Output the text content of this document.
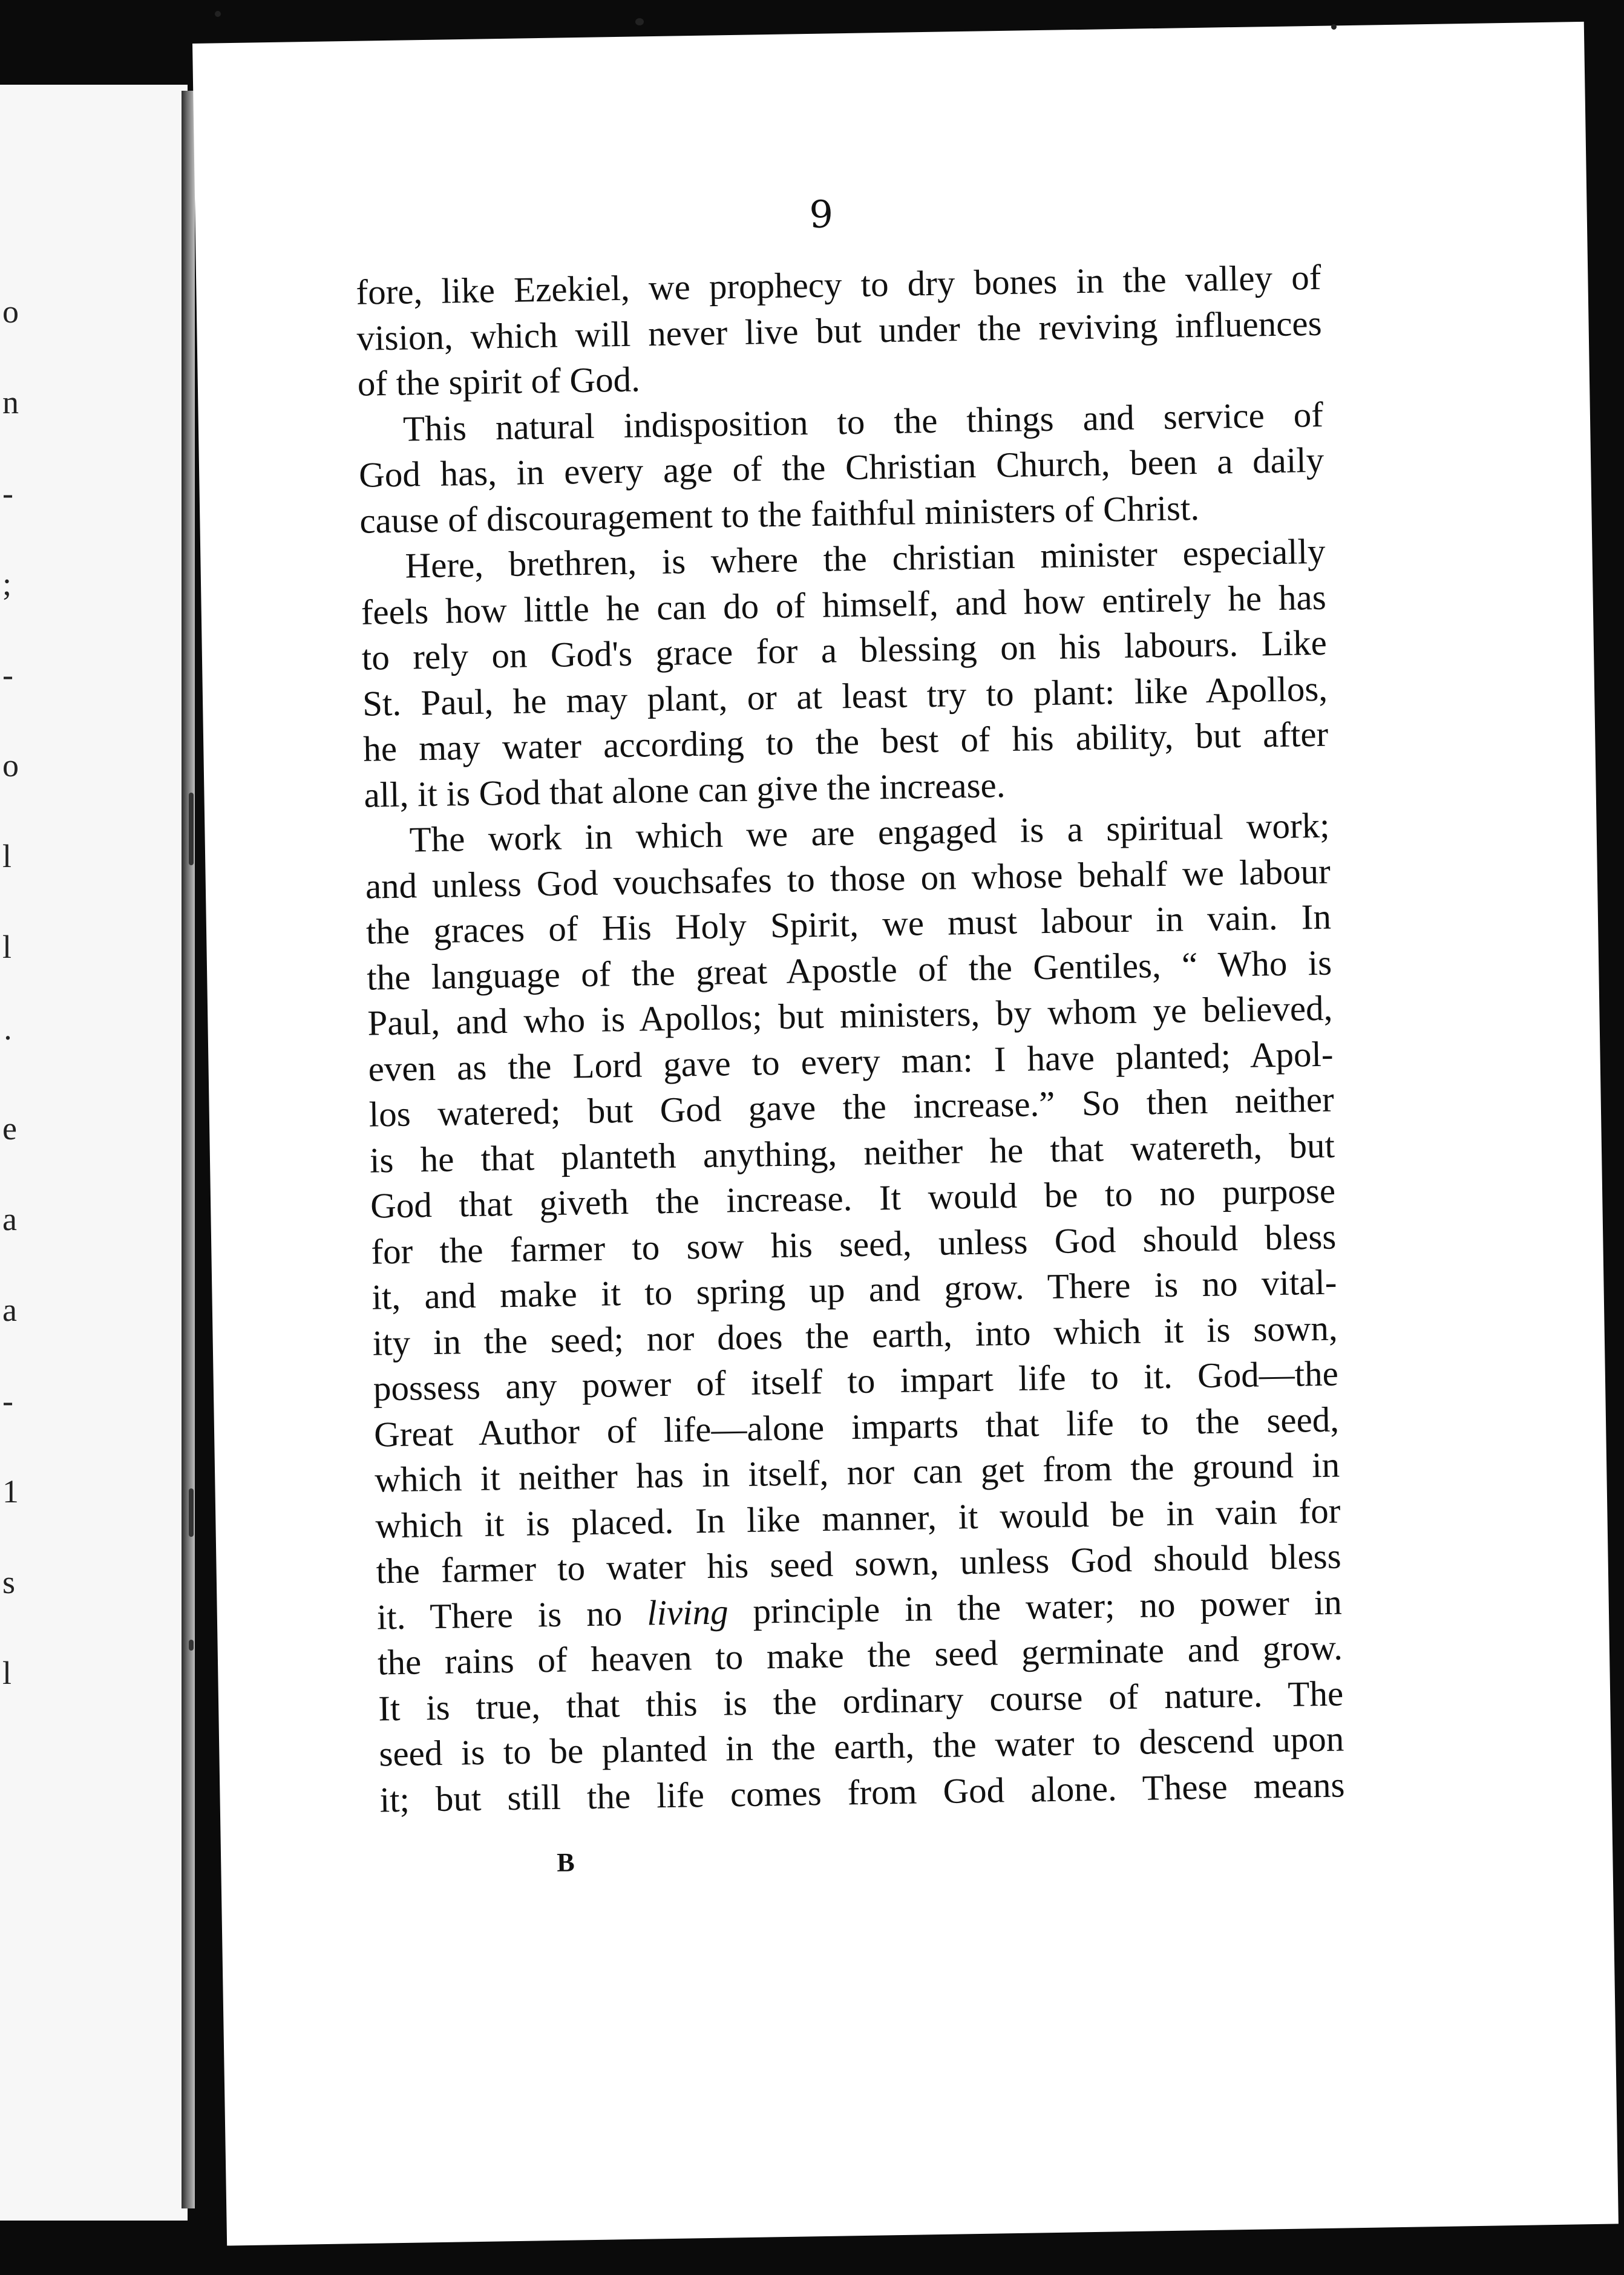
o
n
-
;
-
o
l
l
·
e
a
a
-
1
s
l
9
fore, like Ezekiel, we prophecy to dry bones in the valley of
vision, which will never live but under the reviving influences
of the spirit of God.
This natural indisposition to the things and service of
God has, in every age of the Christian Church, been a daily
cause of discouragement to the faithful ministers of Christ.
Here, brethren, is where the christian minister especially
feels how little he can do of himself, and how entirely he has
to rely on God's grace for a blessing on his labours. Like
St. Paul, he may plant, or at least try to plant: like Apollos,
he may water according to the best of his ability, but after
all, it is God that alone can give the increase.
The work in which we are engaged is a spiritual work;
and unless God vouchsafes to those on whose behalf we labour
the graces of His Holy Spirit, we must labour in vain. In
the language of the great Apostle of the Gentiles, “ Who is
Paul, and who is Apollos; but ministers, by whom ye believed,
even as the Lord gave to every man: I have planted; Apol-
los watered; but God gave the increase.” So then neither
is he that planteth anything, neither he that watereth, but
God that giveth the increase. It would be to no purpose
for the farmer to sow his seed, unless God should bless
it, and make it to spring up and grow. There is no vital-
ity in the seed; nor does the earth, into which it is sown,
possess any power of itself to impart life to it. God—the
Great Author of life—alone imparts that life to the seed,
which it neither has in itself, nor can get from the ground in
which it is placed. In like manner, it would be in vain for
the farmer to water his seed sown, unless God should bless
it. There is no living principle in the water; no power in
the rains of heaven to make the seed germinate and grow.
It is true, that this is the ordinary course of nature. The
seed is to be planted in the earth, the water to descend upon
it; but still the life comes from God alone. These means
B
